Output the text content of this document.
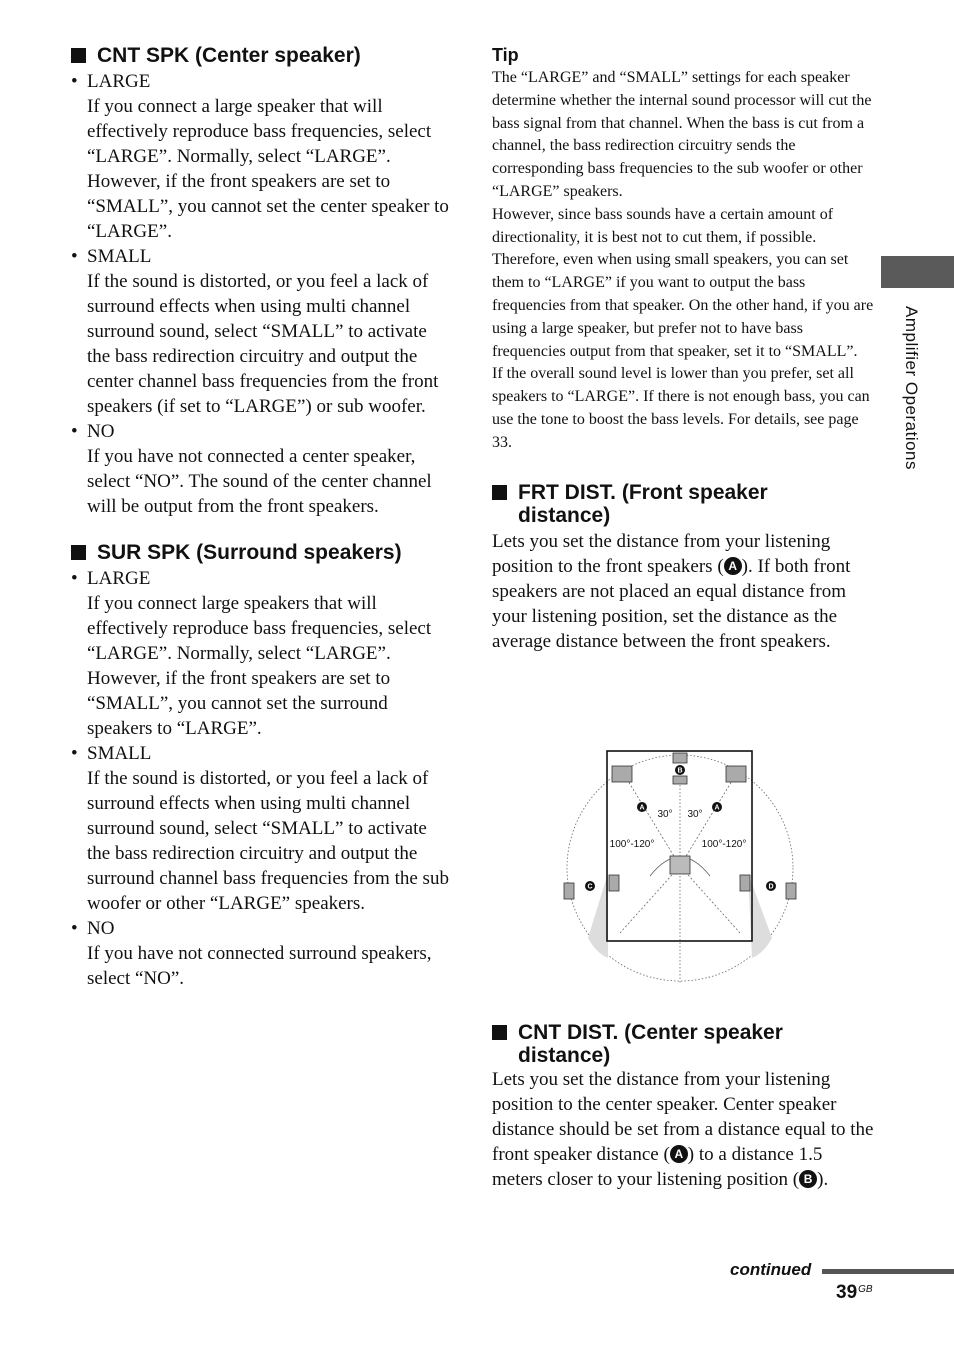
CNT SPK (Center speaker)
• LARGE
If you connect a large speaker that will effectively reproduce bass frequencies, select “LARGE”. Normally, select “LARGE”. However, if the front speakers are set to “SMALL”, you cannot set the center speaker to “LARGE”.
• SMALL
If the sound is distorted, or you feel a lack of surround effects when using multi channel surround sound, select “SMALL” to activate the bass redirection circuitry and output the center channel bass frequencies from the front speakers (if set to “LARGE”) or sub woofer.
• NO
If you have not connected a center speaker, select “NO”. The sound of the center channel will be output from the front speakers.
SUR SPK (Surround speakers)
• LARGE
If you connect large speakers that will effectively reproduce bass frequencies, select “LARGE”. Normally, select “LARGE”. However, if the front speakers are set to “SMALL”, you cannot set the surround speakers to “LARGE”.
• SMALL
If the sound is distorted, or you feel a lack of surround effects when using multi channel surround sound, select “SMALL” to activate the bass redirection circuitry and output the surround channel bass frequencies from the sub woofer or other “LARGE” speakers.
• NO
If you have not connected surround speakers, select “NO”.
Tip

The “LARGE” and “SMALL” settings for each speaker determine whether the internal sound processor will cut the bass signal from that channel. When the bass is cut from a channel, the bass redirection circuitry sends the corresponding bass frequencies to the sub woofer or other “LARGE” speakers.

However, since bass sounds have a certain amount of directionality, it is best not to cut them, if possible. Therefore, even when using small speakers, you can set them to “LARGE” if you want to output the bass frequencies from that speaker. On the other hand, if you are using a large speaker, but prefer not to have bass frequencies output from that speaker, set it to “SMALL”.

If the overall sound level is lower than you prefer, set all speakers to “LARGE”. If there is not enough bass, you can use the tone to boost the bass levels. For details, see page 33.

FRT DIST. (Front speaker
distance)
Lets you set the distance from your listening position to the front speakers ( A ). If both front speakers are not placed an equal distance from your listening position, set the distance as the average distance between the front speakers.
CNT DIST. (Center speaker
distance)
Lets you set the distance from your listening position to the center speaker. Center speaker distance should be set from a distance equal to the front speaker distance ( A ) to a distance 1.5 meters closer to your listening position ( B ).
A	A
B
C	D
30° 30°
100°-120°	100°-120°
Amplifier Operations
continued
$39^{GB}$
